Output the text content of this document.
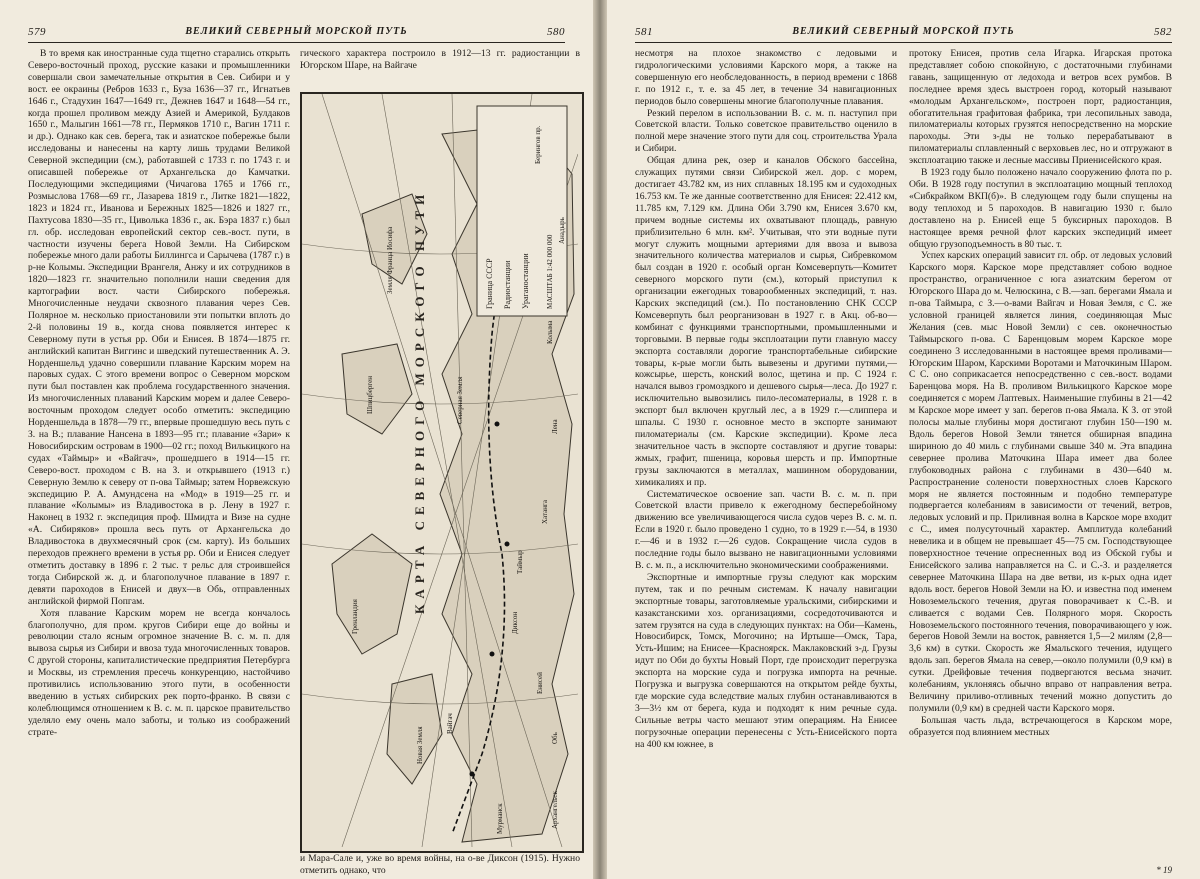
579	ВЕЛИКИЙ СЕВЕРНЫЙ МОРСКОЙ ПУТЬ	580

В то время как иностранные суда тщетно старались открыть Северо-восточный проход, русские казаки и промышленники совершали свои замечательные открытия в Сев. Сибири и у вост. ее окраины (Ребров 1633 г., Буза 1636—37 гг., Игнатьев 1646 г., Стадухин 1647—1649 гг., Дежнев 1647 и 1648—54 гг., когда прошел проливом между Азией и Америкой, Булдаков 1650 г., Малыгин 1661—78 гг., Пермяков 1710 г., Вагин 1711 г. и др.). Однако как сев. берега, так и азиатское побережье были исследованы и нанесены на карту лишь трудами Великой Северной экспедиции (см.), работавшей с 1733 г. по 1743 г. и описавшей побережье от Архангельска до Камчатки. Последующими экспедициями (Чичагова 1765 и 1766 гг., Розмыслова 1768—69 гг., Лазарева 1819 г., Литке 1821—1822, 1823 и 1824 гг., Иванова и Бережных 1825—1826 и 1827 гг., Пахтусова 1830—35 гг., Циволька 1836 г., ак. Бэра 1837 г.) был гл. обр. исследован европейский сектор сев.-вост. пути, в частности изучены берега Новой Земли. На Сибирском побережье много дали работы Биллингса и Сарычева (1787 г.) в р-не Колымы. Экспедиции Врангеля, Анжу и их сотрудников в 1820—1823 гг. значительно пополнили наши сведения для картографии вост. части Сибирского побережья. Многочисленные неудачи сквозного плавания через Сев. Полярное м. несколько приостановили эти попытки вплоть до 2-й половины 19 в., когда снова появляется интерес к Северному пути в устья рр. Оби и Енисея. В 1874—1875 гг. английский капитан Виггинс и шведский путешественник А. Э. Норденшельд удачно совершили плавание Карским морем на паровых судах. С этого времени вопрос о Северном морском пути был поставлен как проблема государственного значения. Из многочисленных плаваний Карским морем и далее Северо-восточным проходом следует особо отметить: экспедицию Норденшельда в 1878—79 гг., впервые прошедшую весь путь с З. на В.; плавание Нансена в 1893—95 гг.; плавание «Зари» к Новосибирским островам в 1900—02 гг.; поход Вилькицкого на судах «Таймыр» и «Вайгач», прошедшего в 1914—15 гг. Северо-вост. проходом с В. на З. и открывшего (1913 г.) Северную Землю к северу от п-ова Таймыр; затем Норвежскую экспедицию Р. А. Амундсена на «Мод» в 1919—25 гг. и плавание «Колымы» из Владивостока в р. Лену в 1927 г. Наконец в 1932 г. экспедиция проф. Шмидта и Визе на судне «А. Сибиряков» прошла весь путь от Архангельска до Владивостока в двухмесячный срок (см. карту). Из больших переходов прежнего времени в устья рр. Оби и Енисея следует отметить доставку в 1896 г. 2 тыс. т рельс для строившейся тогда Сибирской ж. д. и благополучное плавание в 1897 г. девяти пароходов в Енисей и двух—в Обь, отправленных английской фирмой Попгам.

Хотя плавание Карским морем не всегда кончалось благополучно, для пром. кругов Сибири еще до войны и революции стало ясным огромное значение В. с. м. п. для вывоза сырья из Сибири и ввоза туда многочисленных товаров. С другой стороны, капиталистические предприятия Петербурга и Москвы, из стремления пресечь конкуренцию, настойчиво противились использованию этого пути, в особенности введению в устьях сибирских рек порто-франко. В связи с колеблющимся отношением к В. с. м. п. царское правительство уделяло ему очень мало заботы, и только из соображений страте-

гического характера построило в 1912—13 гг. радиостанции в Югорском Шаре, на Вайгаче

Граница СССР Радиостанции Ураганостанции МАСШТАБ 1:42 000 000
КАРТА СЕВЕРНОГО МОРСКОГО ПУТИ
Берингов пр.
Анадырь
Колыма
Лена
Хатанга
Таймыр
Диксон
Енисей
Обь
Мурманск	Архангельск
Новая Земля
Вайгач
Гренландия
Шпицберген
Земля Франца Иосифа
Северная Земля
и Мара-Сале и, уже во время войны, на о-ве Диксон (1915). Нужно отметить однако, что
581	ВЕЛИКИЙ СЕВЕРНЫЙ МОРСКОЙ ПУТЬ	582

несмотря на плохое знакомство с ледовыми и гидрологическими условиями Карского моря, а также на совершенную его необследованность, в период времени с 1868 г. по 1912 г., т. е. за 45 лет, в течение 34 навигационных периодов было совершены многие благополучные плавания.

Резкий перелом в использовании В. с. м. п. наступил при Советской власти. Только советское правительство оценило в полной мере значение этого пути для соц. строительства Урала и Сибири.

Общая длина рек, озер и каналов Обского бассейна, служащих путями связи Сибирской жел. дор. с морем, достигает 43.782 км, из них сплавных 18.195 км и судоходных 16.753 км. Те же данные соответственно для Енисея: 22.412 км, 11.785 км, 7.129 км. Длина Оби 3.790 км, Енисея 3.670 км, причем водные системы их охватывают площадь, равную приблизительно 6 млн. км². Учитывая, что эти водные пути могут служить мощными артериями для ввоза и вывоза значительного количества материалов и сырья, Сибревкомом был создан в 1920 г. особый орган Комсеверпуть—Комитет северного морского пути (см.), который приступил к организации ежегодных товарообменных экспедиций, т. наз. Карских экспедиций (см.). По постановлению СНК СССР Комсеверпуть был реорганизован в 1927 г. в Акц. об-во—комбинат с функциями транспортными, промышленными и торговыми. В первые годы эксплоатации пути главную массу экспорта составляли дорогие транспортабельные сибирские товары, к-рые могли быть вывезены и другими путями,—кожсырье, шерсть, конский волос, щетина и пр. С 1924 г. начался вывоз громоздкого и дешевого сырья—леса. До 1927 г. исключительно вывозились пило-лесоматериалы, в 1928 г. в экспорт был включен круглый лес, а в 1929 г.—слиппера и шпалы. С 1930 г. основное место в экспорте занимают пиломатериалы (см. Карские экспедиции). Кроме леса значительное часть в экспорте составляют и другие товары: жмых, графит, пшеница, коровья шерсть и пр. Импортные грузы заключаются в металлах, машинном оборудовании, химикалиях и пр.

Систематическое освоение зап. части В. с. м. п. при Советской власти привело к ежегодному бесперебойному движению все увеличивающегося числа судов через В. с. м. п. Если в 1920 г. было проведено 1 судно, то в 1929 г.—54, в 1930 г.—46 и в 1932 г.—26 судов. Сокращение числа судов в последние годы было вызвано не навигационными условиями В. с. м. п., а исключительно экономическими соображениями.

Экспортные и импортные грузы следуют как морским путем, так и по речным системам. К началу навигации экспортные товары, заготовляемые уральскими, сибирскими и казакстанскими хоз. организациями, сосредоточиваются и затем грузятся на суда в следующих пунктах: на Оби—Камень, Новосибирск, Томск, Могочино; на Иртыше—Омск, Тара, Усть-Ишим; на Енисее—Красноярск. Маклаковский з-д. Грузы идут по Оби до бухты Новый Порт, где происходит перегрузка экспорта на морские суда и погрузка импорта на речные. Погрузка и выгрузка совершаются на открытом рейде бухты, где морские суда вследствие малых глубин останавливаются в 3—3½ км от берега, куда и подходят к ним речные суда. Сильные ветры часто мешают этим операциям. На Енисее погрузочные операции перенесены с Усть-Енисейского порта на 400 км южнее, в

протоку Енисея, против села Игарка. Игарская протока представляет собою спокойную, с достаточными глубинами гавань, защищенную от ледохода и ветров всех румбов. В последнее время здесь выстроен город, который называют «молодым Архангельском», построен порт, радиостанция, обогатительная графитовая фабрика, три лесопильных завода, пиломатериалы которых грузятся непосредственно на морские пароходы. Эти з-ды не только перерабатывают в пиломатериалы сплавленный с верховьев лес, но и отгружают в эксплоатацию также и лесные массивы Приенисейского края.

В 1923 году было положено начало сооружению флота по р. Оби. В 1928 году поступил в эксплоатацию мощный теплоход «Сибкрайком ВКП(б)». В следующем году были спущены на воду теплоход и 5 пароходов. В навигацию 1930 г. было доставлено на р. Енисей еще 5 буксирных пароходов. В настоящее время речной флот карских экспедиций имеет общую грузоподъемность в 80 тыс. т.

Успех карских операций зависит гл. обр. от ледовых условий Карского моря. Карское море представляет собою водное пространство, ограниченное с юга азиатским берегом от Югорского Шара до м. Челюскина, с В.—зап. берегами Ямала и п-ова Таймыра, с З.—о-вами Вайгач и Новая Земля, с С. же условной границей является линия, соединяющая Мыс Желания (сев. мыс Новой Земли) с сев. оконечностью Таймырского п-ова. С Баренцовым морем Карское море соединено 3 исследованными в настоящее время проливами—Югорским Шаром, Карскими Воротами и Маточкиным Шаром. С С. оно соприкасается непосредственно с сев.-вост. водами Баренцова моря. На В. проливом Вилькицкого Карское море соединяется с морем Лаптевых. Наименьшие глубины в 21—42 м Карское море имеет у зап. берегов п-ова Ямала. К З. от этой полосы малые глубины моря достигают глубин 150—190 м. Вдоль берегов Новой Земли тянется обширная впадина шириною до 40 миль с глубинами свыше 340 м. Эта впадина севернее пролива Маточкина Шара имеет два более глубоководных района с глубинами в 430—640 м. Распространение солености поверхностных слоев Карского моря не является постоянным и подобно температуре подвергается колебаниям в зависимости от течений, ветров, ледовых условий и пр. Приливная волна в Карское море входит с С., имея полусуточный характер. Амплитуда колебаний невелика и в общем не превышает 45—75 см. Господствующее поверхностное течение опресненных вод из Обской губы и Енисейского залива направляется на С. и С.-З. и разделяется севернее Маточкина Шара на две ветви, из к-рых одна идет вдоль вост. берегов Новой Земли на Ю. и известна под именем Новоземельского течения, другая поворачивает к С.-В. и сливается с водами Сев. Полярного моря. Скорость Новоземельского постоянного течения, поворачивающего у юж. берегов Новой Земли на восток, равняется 1,5—2 милям (2,8—3,6 км) в сутки. Скорость же Ямальского течения, идущего вдоль зап. берегов Ямала на север,—около полумили (0,9 км) в сутки. Дрейфовые течения подвергаются весьма значит. колебаниям, уклоняясь обычно вправо от направления ветра. Величину приливо-отливных течений можно допустить до полумили (0,9 км) в средней части Карского моря.

Большая часть льда, встречающегося в Карском море, образуется под влиянием местных

* 19
